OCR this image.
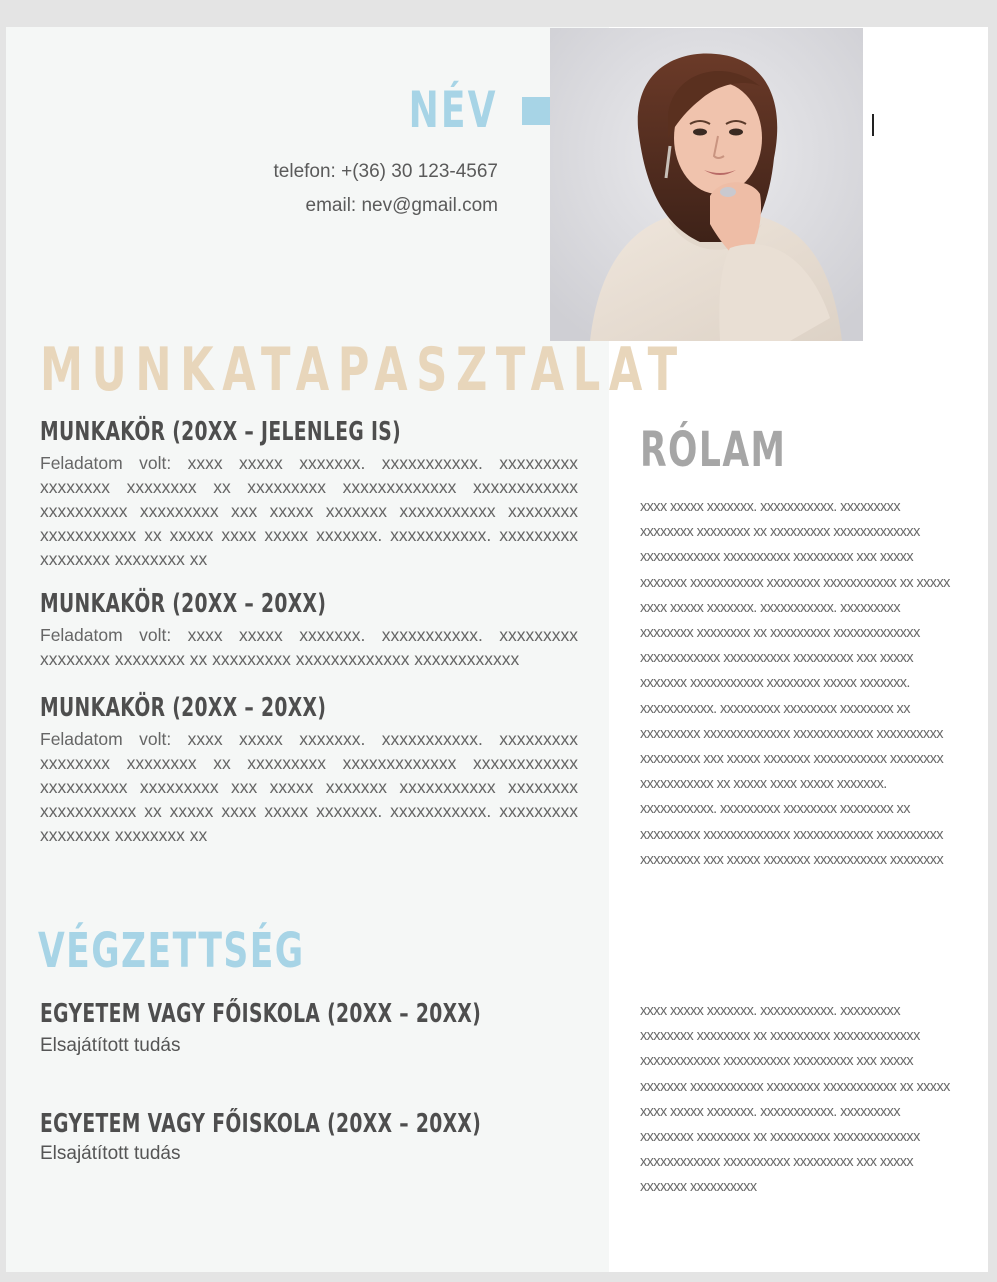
NÉV
telefon: +(36) 30 123-4567
email: nev@gmail.com
MUNKATAPASZTALAT
MUNKAKÖR (20XX – JELENLEG IS)
Feladatom volt: xxxx xxxxx xxxxxxx. xxxxxxxxxxx. xxxxxxxxx xxxxxxxx xxxxxxxx xx xxxxxxxxx xxxxxxxxxxxxx xxxxxxxxxxxx xxxxxxxxxx xxxxxxxxx xxx xxxxx xxxxxxx xxxxxxxxxxx xxxxxxxx xxxxxxxxxxx xx xxxxx xxxx xxxxx xxxxxxx. xxxxxxxxxxx. xxxxxxxxx xxxxxxxx xxxxxxxx xx
MUNKAKÖR (20XX – 20XX)
Feladatom volt: xxxx xxxxx xxxxxxx. xxxxxxxxxxx. xxxxxxxxx xxxxxxxx xxxxxxxx xx xxxxxxxxx xxxxxxxxxxxxx xxxxxxxxxxxx
MUNKAKÖR (20XX – 20XX)
Feladatom volt: xxxx xxxxx xxxxxxx. xxxxxxxxxxx. xxxxxxxxx xxxxxxxx xxxxxxxx xx xxxxxxxxx xxxxxxxxxxxxx xxxxxxxxxxxx xxxxxxxxxx xxxxxxxxx xxx xxxxx xxxxxxx xxxxxxxxxxx xxxxxxxx xxxxxxxxxxx xx xxxxx xxxx xxxxx xxxxxxx. xxxxxxxxxxx. xxxxxxxxx xxxxxxxx xxxxxxxx xx
VÉGZETTSÉG
EGYETEM VAGY FŐISKOLA (20XX – 20XX)
Elsajátított tudás
EGYETEM VAGY FŐISKOLA (20XX – 20XX)
Elsajátított tudás
RÓLAM
xxxx xxxxx xxxxxxx. xxxxxxxxxxx. xxxxxxxxx xxxxxxxx xxxxxxxx xx xxxxxxxxx xxxxxxxxxxxxx xxxxxxxxxxxx xxxxxxxxxx xxxxxxxxx xxx xxxxx xxxxxxx xxxxxxxxxxx xxxxxxxx xxxxxxxxxxx xx xxxxx xxxx xxxxx xxxxxxx. xxxxxxxxxxx. xxxxxxxxx xxxxxxxx xxxxxxxx xx xxxxxxxxx xxxxxxxxxxxxx xxxxxxxxxxxx xxxxxxxxxx xxxxxxxxx xxx xxxxx xxxxxxx xxxxxxxxxxx xxxxxxxx xxxxx xxxxxxx. xxxxxxxxxxx. xxxxxxxxx xxxxxxxx xxxxxxxx xx xxxxxxxxx xxxxxxxxxxxxx xxxxxxxxxxxx xxxxxxxxxx xxxxxxxxx xxx xxxxx xxxxxxx xxxxxxxxxxx xxxxxxxx xxxxxxxxxxx xx xxxxx xxxx xxxxx xxxxxxx. xxxxxxxxxxx. xxxxxxxxx xxxxxxxx xxxxxxxx xx xxxxxxxxx xxxxxxxxxxxxx xxxxxxxxxxxx xxxxxxxxxx xxxxxxxxx xxx xxxxx xxxxxxx xxxxxxxxxxx xxxxxxxx
xxxx xxxxx xxxxxxx. xxxxxxxxxxx. xxxxxxxxx xxxxxxxx xxxxxxxx xx xxxxxxxxx xxxxxxxxxxxxx xxxxxxxxxxxx xxxxxxxxxx xxxxxxxxx xxx xxxxx xxxxxxx xxxxxxxxxxx xxxxxxxx xxxxxxxxxxx xx xxxxx xxxx xxxxx xxxxxxx. xxxxxxxxxxx. xxxxxxxxx xxxxxxxx xxxxxxxx xx xxxxxxxxx xxxxxxxxxxxxx xxxxxxxxxxxx xxxxxxxxxx xxxxxxxxx xxx xxxxx xxxxxxx xxxxxxxxxx
